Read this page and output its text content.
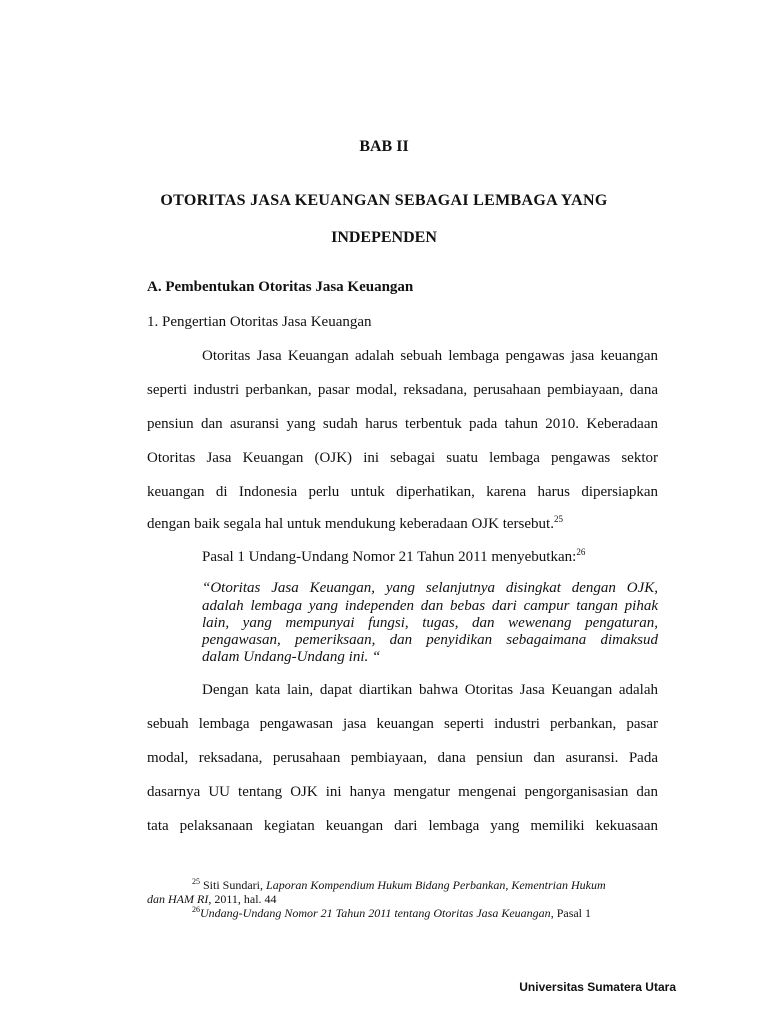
BAB II
OTORITAS JASA KEUANGAN SEBAGAI LEMBAGA YANG
INDEPENDEN
A. Pembentukan Otoritas Jasa Keuangan
1. Pengertian Otoritas Jasa Keuangan
Otoritas Jasa Keuangan adalah sebuah lembaga pengawas jasa keuangan
seperti industri perbankan, pasar modal, reksadana, perusahaan pembiayaan, dana
pensiun dan asuransi yang sudah harus terbentuk pada tahun 2010. Keberadaan
Otoritas Jasa Keuangan (OJK) ini sebagai suatu lembaga pengawas sektor
keuangan di Indonesia perlu untuk diperhatikan, karena harus dipersiapkan
dengan baik segala hal untuk mendukung keberadaan OJK tersebut.$^{25}$
Pasal 1 Undang-Undang Nomor 21 Tahun 2011 menyebutkan:$^{26}$
“Otoritas Jasa Keuangan, yang selanjutnya disingkat dengan OJK,
adalah lembaga yang independen dan bebas dari campur tangan pihak
lain, yang mempunyai fungsi, tugas, dan wewenang pengaturan,
pengawasan, pemeriksaan, dan penyidikan sebagaimana dimaksud
dalam Undang-Undang ini. “
Dengan kata lain, dapat diartikan bahwa Otoritas Jasa Keuangan adalah
sebuah lembaga pengawasan jasa keuangan seperti industri perbankan, pasar
modal, reksadana, perusahaan pembiayaan, dana pensiun dan asuransi. Pada
dasarnya UU tentang OJK ini hanya mengatur mengenai pengorganisasian dan
tata pelaksanaan kegiatan keuangan dari lembaga yang memiliki kekuasaan
$^{25}$ Siti Sundari, Laporan Kompendium Hukum Bidang Perbankan, Kementrian Hukum
dan HAM RI, 2011, hal. 44
$^{26}$Undang-Undang Nomor 21 Tahun 2011 tentang Otoritas Jasa Keuangan, Pasal 1
Universitas Sumatera Utara
